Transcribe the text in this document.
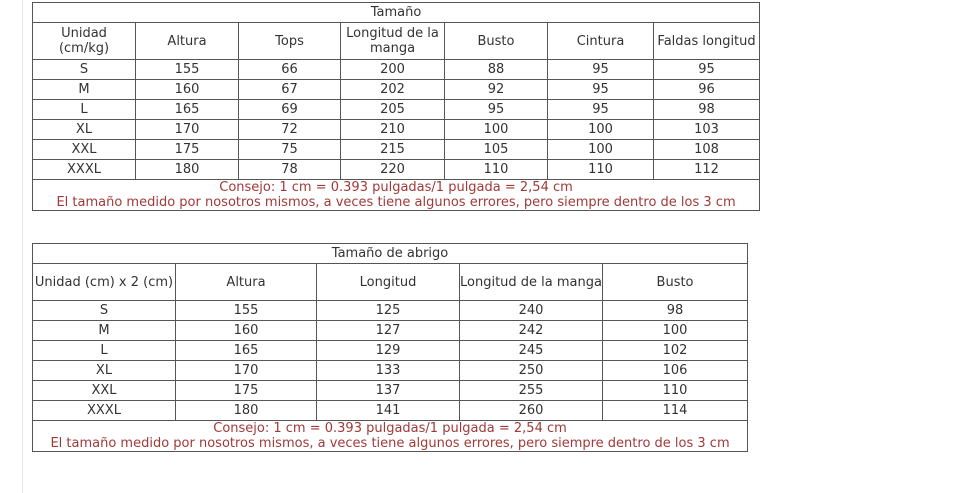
Tamaño						
Unidad
(cm/kg)	Altura	Tops	Longitud de la manga	Busto	Cintura	Faldas longitud
S	155	66	200	88	95	95
M	160	67	202	92	95	96
L	165	69	205	95	95	98
XL	170	72	210	100	100	103
XXL	175	75	215	105	100	108
XXXL	180	78	220	110	110	112

Consejo: 1 cm = 0.393 pulgadas/1 pulgada = 2,54 cm
El tamaño medido por nosotros mismos, a veces tiene algunos errores, pero siempre dentro de los 3 cm						
Tamaño de abrigo				
Unidad (cm) x 2 (cm)	Altura	Longitud	Longitud de la manga	Busto
S	155	125	240	98
M	160	127	242	100
L	165	129	245	102
XL	170	133	250	106
XXL	175	137	255	110
XXXL	180	141	260	114

Consejo: 1 cm = 0.393 pulgadas/1 pulgada = 2,54 cm
El tamaño medido por nosotros mismos, a veces tiene algunos errores, pero siempre dentro de los 3 cm				
